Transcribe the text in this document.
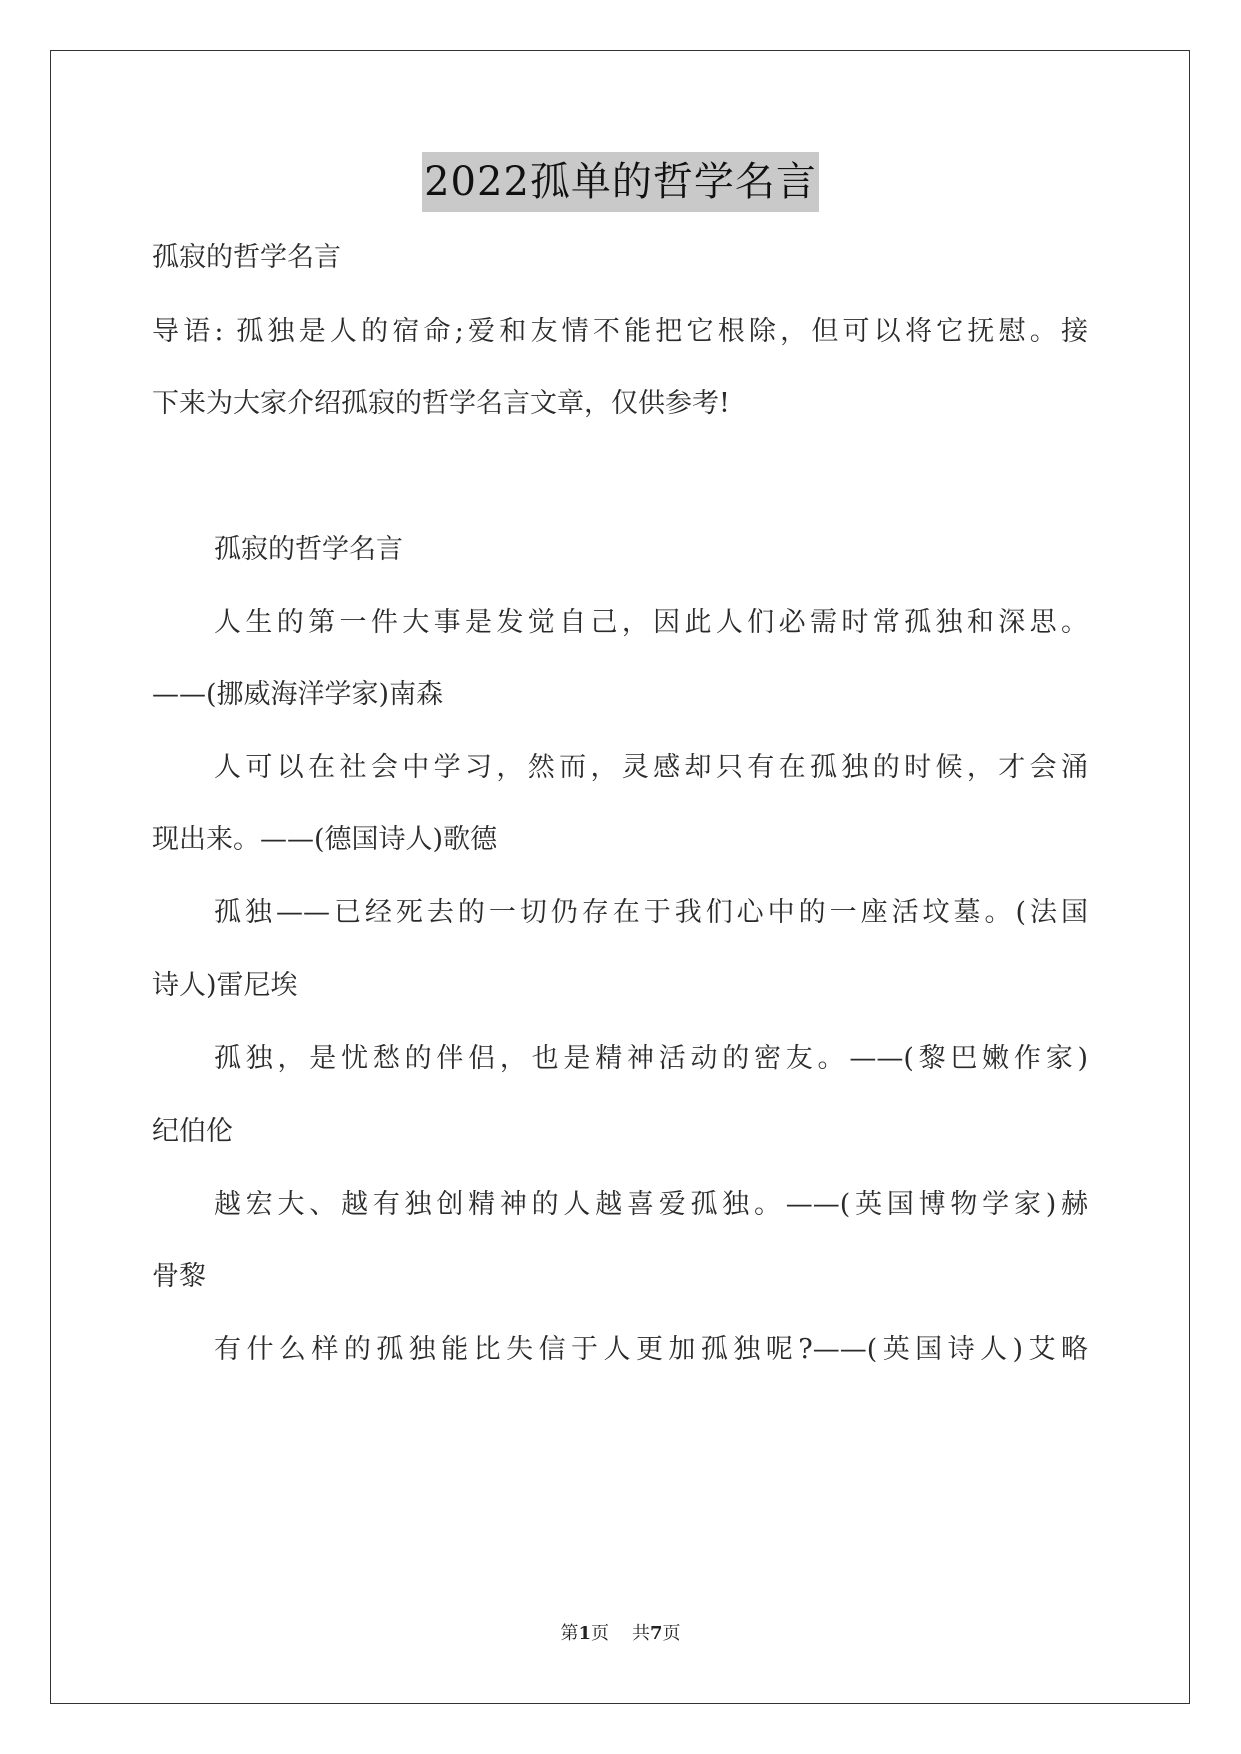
2022孤单的哲学名言
孤寂的哲学名言
导语: 孤独是人的宿命;爱和友情不能把它根除，但可以将它抚慰。接
下来为大家介绍孤寂的哲学名言文章，仅供参考!
孤寂的哲学名言
人生的第一件大事是发觉自己，因此人们必需时常孤独和深思。
——(挪威海洋学家)南森
人可以在社会中学习，然而，灵感却只有在孤独的时候，才会涌
现出来。——(德国诗人)歌德
孤独——已经死去的一切仍存在于我们心中的一座活坟墓。(法国
诗人)雷尼埃
孤独，是忧愁的伴侣，也是精神活动的密友。——(黎巴嫩作家)
纪伯伦
越宏大、越有独创精神的人越喜爱孤独。——(英国博物学家)赫
骨黎
有什么样的孤独能比失信于人更加孤独呢?——(英国诗人)艾略
第1页 共7页
